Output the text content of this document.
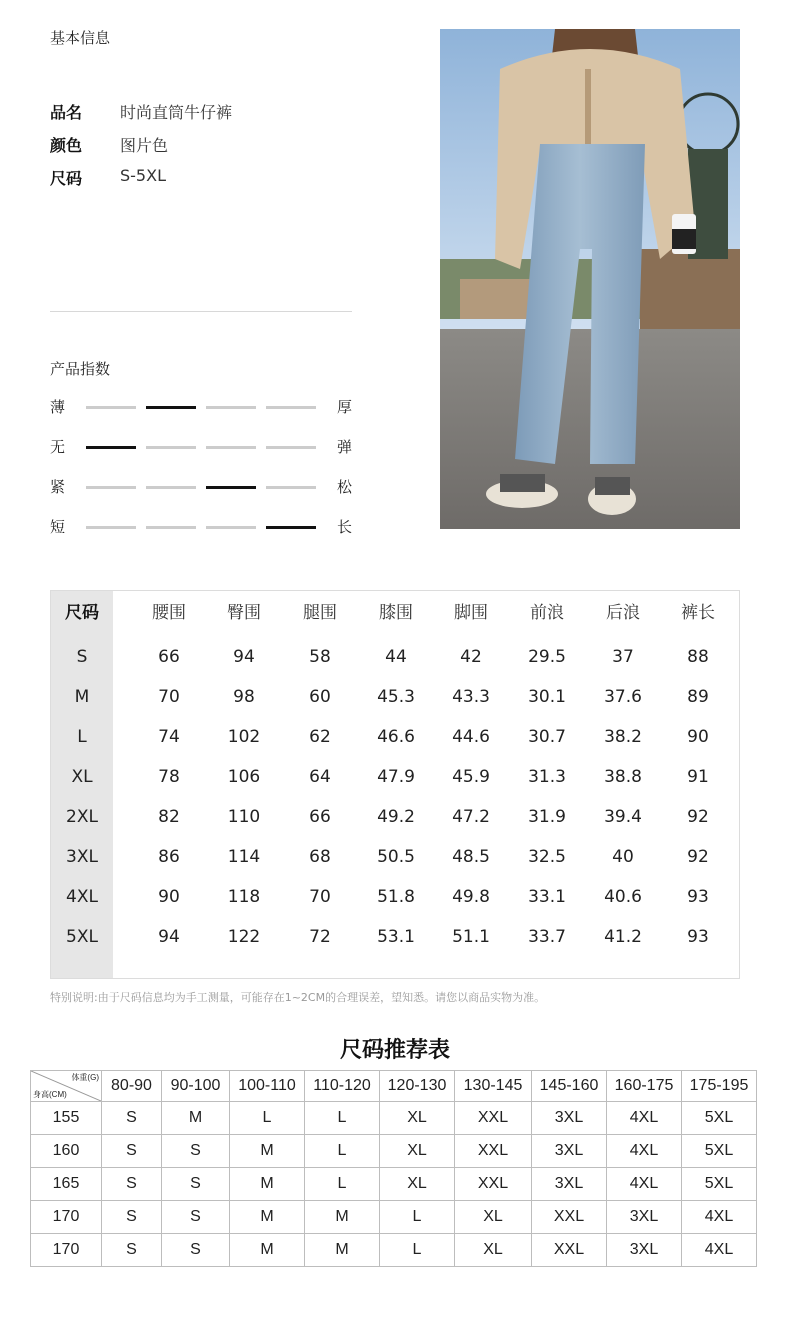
基本信息
品名	时尚直筒牛仔裤
颜色	图片色
尺码	S-5XL
产品指数
薄	厚
无	弹
紧	松
短	长
尺码	腰围	臀围	腿围	膝围	脚围	前浪	后浪	裤长
S	66	94	58	44	42	29.5	37	88
M	70	98	60	45.3	43.3	30.1	37.6	89
L	74	102	62	46.6	44.6	30.7	38.2	90
XL	78	106	64	47.9	45.9	31.3	38.8	91
2XL	82	110	66	49.2	47.2	31.9	39.4	92
3XL	86	114	68	50.5	48.5	32.5	40	92
4XL	90	118	70	51.8	49.8	33.1	40.6	93
5XL	94	122	72	53.1	51.1	33.7	41.2	93
特别说明:由于尺码信息均为手工测量，可能存在1~2CM的合理误差，望知悉。请您以商品实物为准。
尺码推荐表
体重(G)
身高(CM)	80-90	90-100	100-110	110-120	120-130	130-145	145-160	160-175	175-195
155	S	M	L	L	XL	XXL	3XL	4XL	5XL
160	S	S	M	L	XL	XXL	3XL	4XL	5XL
165	S	S	M	L	XL	XXL	3XL	4XL	5XL
170	S	S	M	M	L	XL	XXL	3XL	4XL
170	S	S	M	M	L	XL	XXL	3XL	4XL
